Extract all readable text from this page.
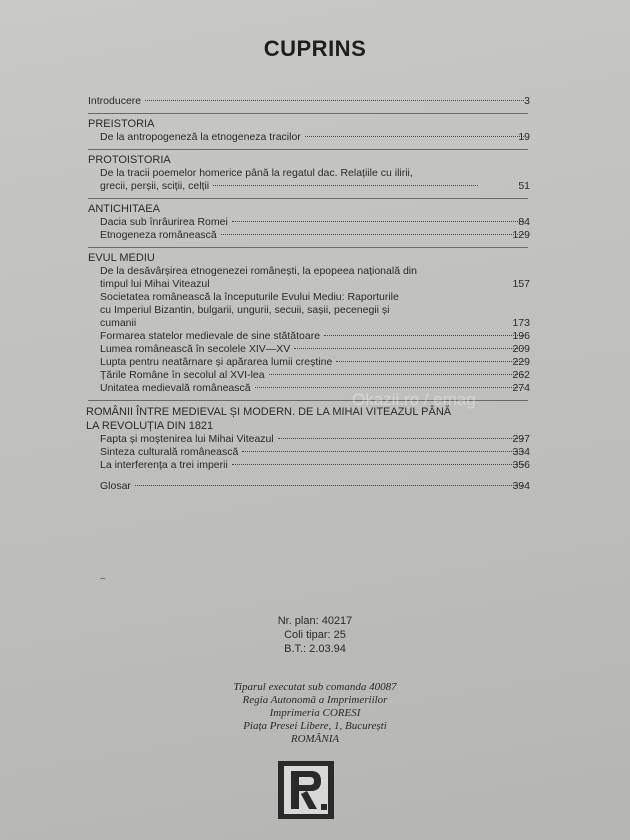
CUPRINS
Introducere	3
PREISTORIA
De la antropogeneză la etnogeneza tracilor	19
PROTOISTORIA
De la tracii poemelor homerice până la regatul dac. Relațiile cu ilirii,
grecii, perșii, sciții, celții	51
ANTICHITAEA
Dacia sub înrâurirea Romei	84
Etnogeneza românească	129
EVUL MEDIU
De la desăvârșirea etnogenezei românești, la epopeea națională din
timpul lui Mihai Viteazul	157
Societatea românească la începuturile Evului Mediu: Raporturile
cu Imperiul Bizantin, bulgarii, ungurii, secuii, sașii, pecenegii și
cumanii	173
Formarea statelor medievale de sine stătătoare	196
Lumea românească în secolele XIV—XV	209
Lupta pentru neatârnare și apărarea lumii creștine	229
Țările Române în secolul al XVI-lea	262
Unitatea medievală românească	274
ROMÂNII ÎNTRE MEDIEVAL ȘI MODERN. DE LA MIHAI VITEAZUL PÂNĂ
LA REVOLUȚIA DIN 1821
Fapta și moștenirea lui Mihai Viteazul	297
Sinteza culturală românească	334
La interferența a trei imperii	356
Glosar	394
~
Okazii.ro / emag
Nr. plan: 40217
Coli tipar: 25
B.T.: 2.03.94
Tiparul executat sub comanda 40087
Regia Autonomă a Imprimeriilor
Imprimeria CORESI
Piața Presei Libere, 1, București
ROMÂNIA
